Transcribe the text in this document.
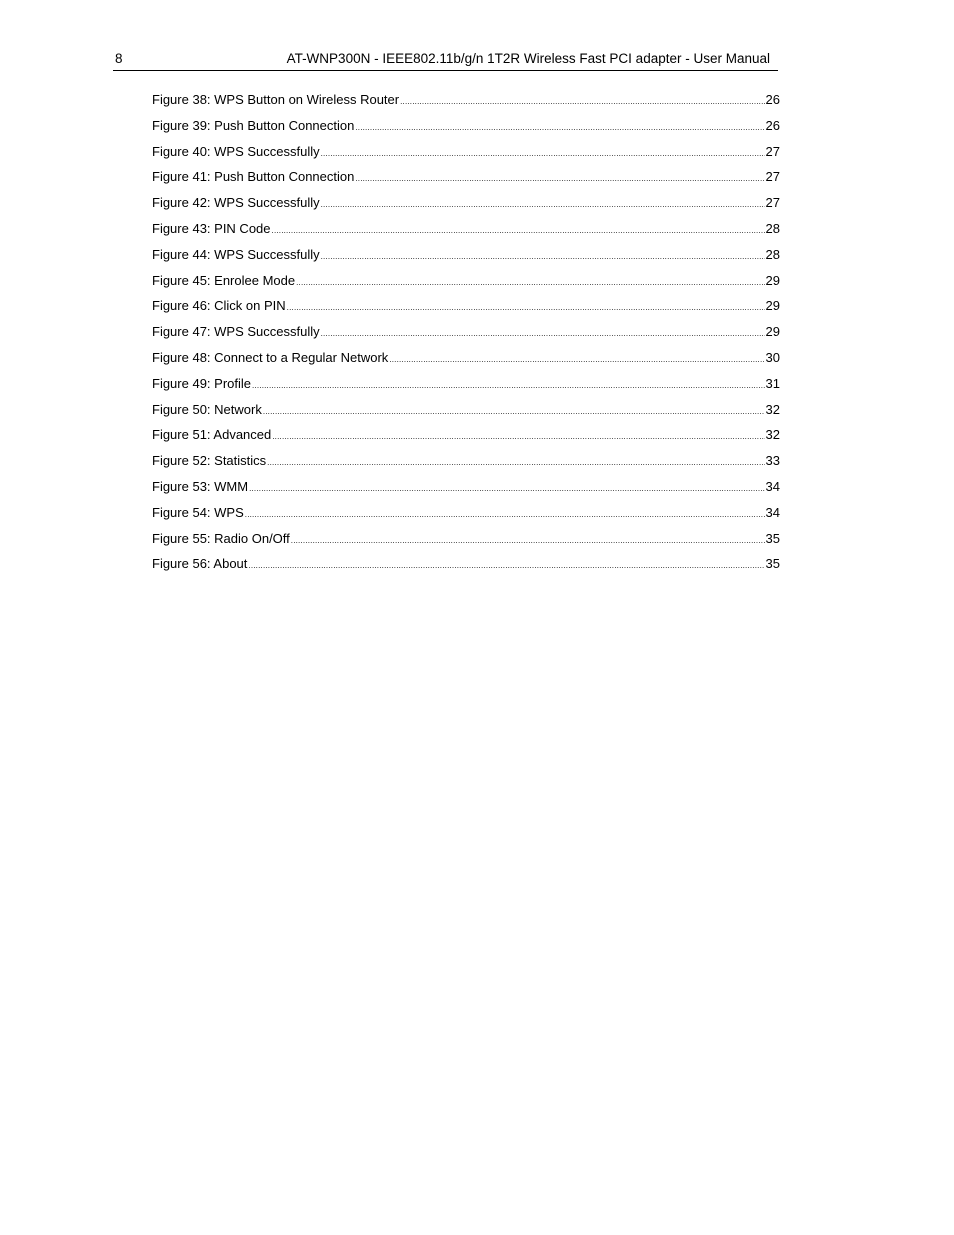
8	AT-WNP300N - IEEE802.11b/g/n 1T2R Wireless Fast PCI adapter - User Manual
Figure 38: WPS Button on Wireless Router .....	26
Figure 39: Push Button Connection .....	26
Figure 40: WPS Successfully .....	27
Figure 41: Push Button Connection .....	27
Figure 42: WPS Successfully .....	27
Figure 43: PIN Code .....	28
Figure 44: WPS Successfully .....	28
Figure 45: Enrolee Mode .....	29
Figure 46: Click on PIN .....	29
Figure 47: WPS Successfully .....	29
Figure 48: Connect to a Regular Network .....	30
Figure 49: Profile .....	31
Figure 50: Network .....	32
Figure 51: Advanced .....	32
Figure 52: Statistics .....	33
Figure 53: WMM .....	34
Figure 54: WPS .....	34
Figure 55: Radio On/Off .....	35
Figure 56: About .....	35
